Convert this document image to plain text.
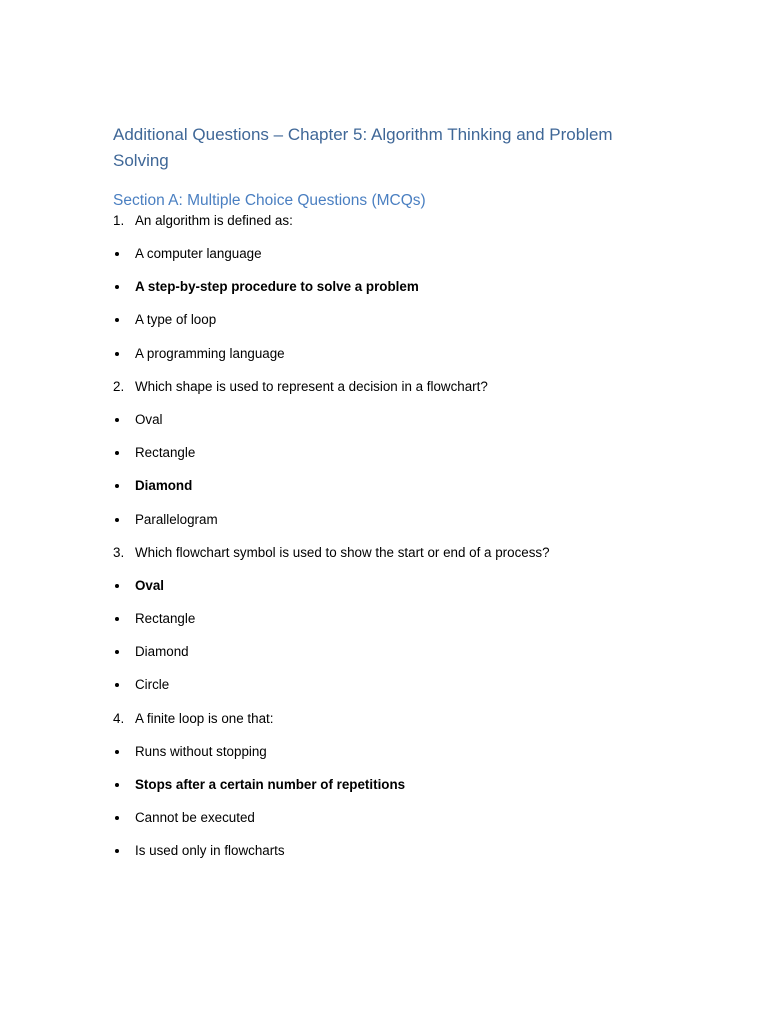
Additional Questions – Chapter 5: Algorithm Thinking and Problem Solving
Section A: Multiple Choice Questions (MCQs)
1. An algorithm is defined as:
A computer language
A step-by-step procedure to solve a problem
A type of loop
A programming language
2. Which shape is used to represent a decision in a flowchart?
Oval
Rectangle
Diamond
Parallelogram
3. Which flowchart symbol is used to show the start or end of a process?
Oval
Rectangle
Diamond
Circle
4. A finite loop is one that:
Runs without stopping
Stops after a certain number of repetitions
Cannot be executed
Is used only in flowcharts
